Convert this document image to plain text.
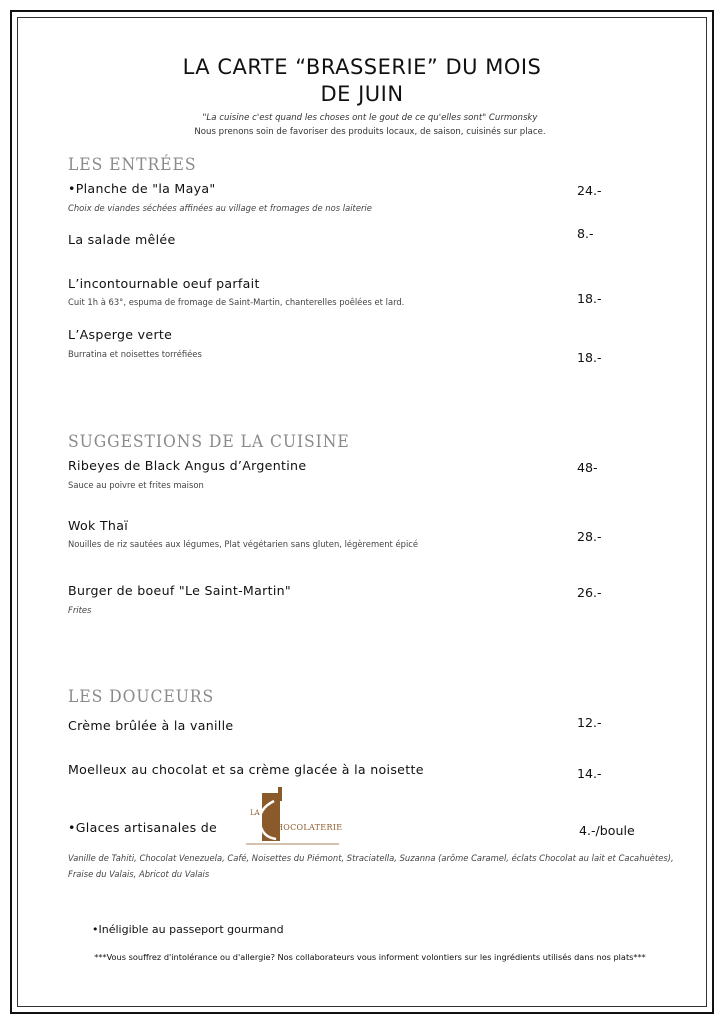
LA CARTE “BRASSERIE” DU MOIS
DE JUIN
"La cuisine c'est quand les choses ont le gout de ce qu'elles sont" Curmonsky
Nous prenons soin de favoriser des produits locaux, de saison, cuisinés sur place.
LES ENTRÉES
•Planche de "la Maya"
Choix de viandes séchées affinées au village et fromages de nos laiterie
24.-
La salade mêlée	8.-
L’incontournable oeuf parfait
Cuit 1h à 63°, espuma de fromage de Saint-Martin, chanterelles poêlées et lard.	18.-
L’Asperge verte
Burratina et noisettes torréfiées	18.-
SUGGESTIONS DE LA CUISINE
Ribeyes de Black Angus d’Argentine
Sauce au poivre et frites maison
48-
Wok Thaï
Nouilles de riz sautées aux légumes, Plat végétarien sans gluten, légèrement épicé	28.-
Burger de boeuf "Le Saint-Martin"
Frites
26.-
LES DOUCEURS
Crème brûlée à la vanille	12.-
Moelleux au chocolat et sa crème glacée à la noisette	14.-
•Glaces artisanales de	4.-/boule
LA
HOCOLATERIE
Vanille de Tahiti, Chocolat Venezuela, Café, Noisettes du Piémont, Straciatella, Suzanna (arôme Caramel, éclats Chocolat au lait et Cacahuètes), Fraise du Valais, Abricot du Valais
•Inéligible au passeport gourmand
***Vous souffrez d'intolérance ou d'allergie? Nos collaborateurs vous informent volontiers sur les ingrédients utilisés dans nos plats***
